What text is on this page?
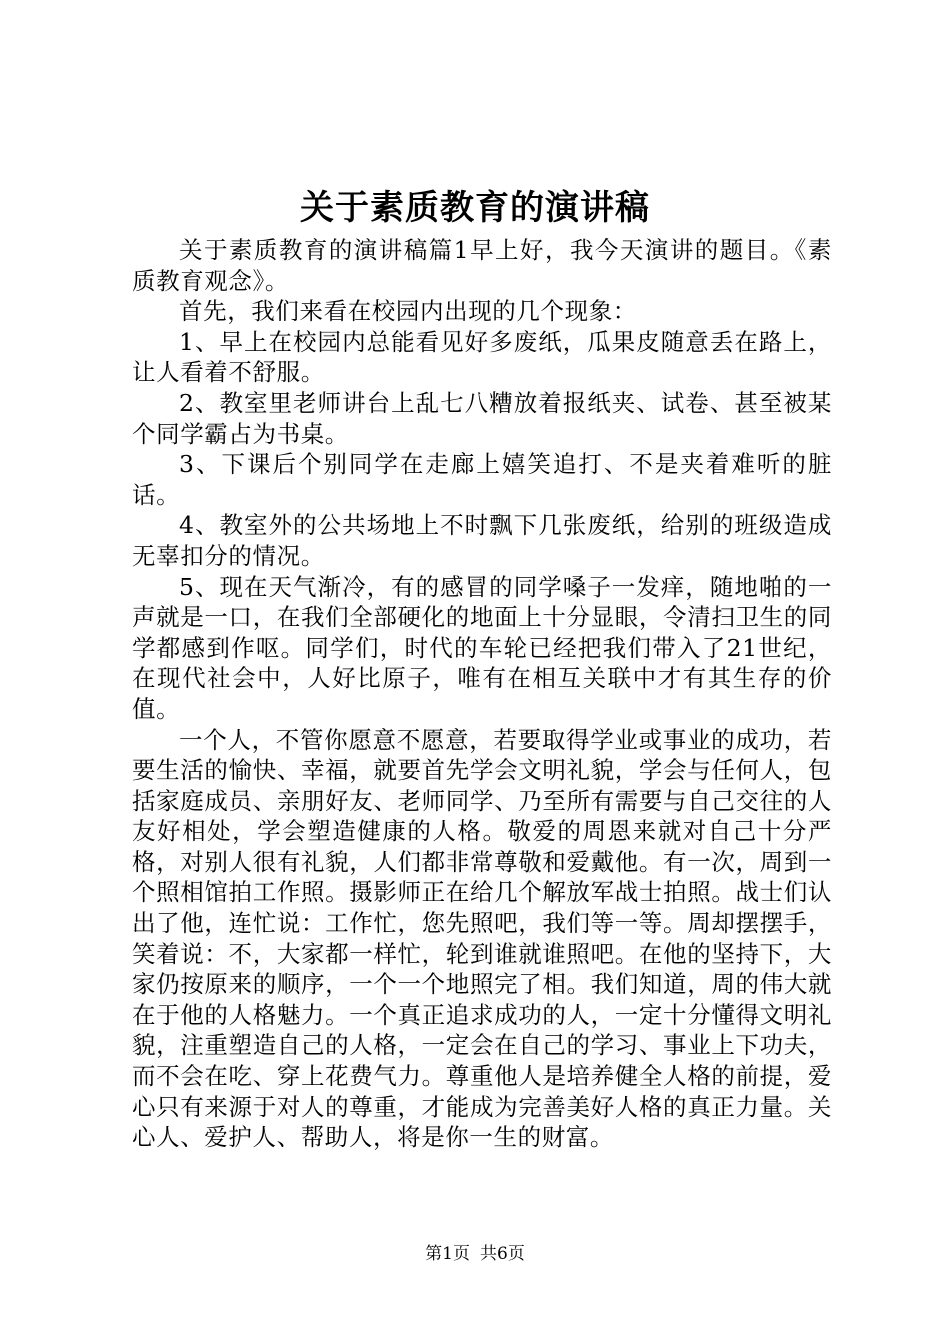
关于素质教育的演讲稿

关于素质教育的演讲稿篇1早上好，我今天演讲的题目。《素质教育观念》。

首先，我们来看在校园内出现的几个现象：

1、早上在校园内总能看见好多废纸，瓜果皮随意丢在路上，让人看着不舒服。

2、教室里老师讲台上乱七八糟放着报纸夹、试卷、甚至被某个同学霸占为书桌。

3、下课后个别同学在走廊上嬉笑追打、不是夹着难听的脏话。

4、教室外的公共场地上不时飘下几张废纸，给别的班级造成无辜扣分的情况。

5、现在天气渐冷，有的感冒的同学嗓子一发痒，随地啪的一声就是一口，在我们全部硬化的地面上十分显眼，令清扫卫生的同学都感到作呕。同学们，时代的车轮已经把我们带入了21世纪，在现代社会中，人好比原子，唯有在相互关联中才有其生存的价值。

一个人，不管你愿意不愿意，若要取得学业或事业的成功，若要生活的愉快、幸福，就要首先学会文明礼貌，学会与任何人，包括家庭成员、亲朋好友、老师同学、乃至所有需要与自己交往的人友好相处，学会塑造健康的人格。敬爱的周恩来就对自己十分严格，对别人很有礼貌，人们都非常尊敬和爱戴他。有一次，周到一个照相馆拍工作照。摄影师正在给几个解放军战士拍照。战士们认出了他，连忙说：工作忙，您先照吧，我们等一等。周却摆摆手，笑着说：不，大家都一样忙，轮到谁就谁照吧。在他的坚持下，大家仍按原来的顺序，一个一个地照完了相。我们知道，周的伟大就在于他的人格魅力。一个真正追求成功的人，一定十分懂得文明礼貌，注重塑造自己的人格，一定会在自己的学习、事业上下功夫，而不会在吃、穿上花费气力。尊重他人是培养健全人格的前提，爱心只有来源于对人的尊重，才能成为完善美好人格的真正力量。关心人、爱护人、帮助人，将是你一生的财富。

第1页 共6页
